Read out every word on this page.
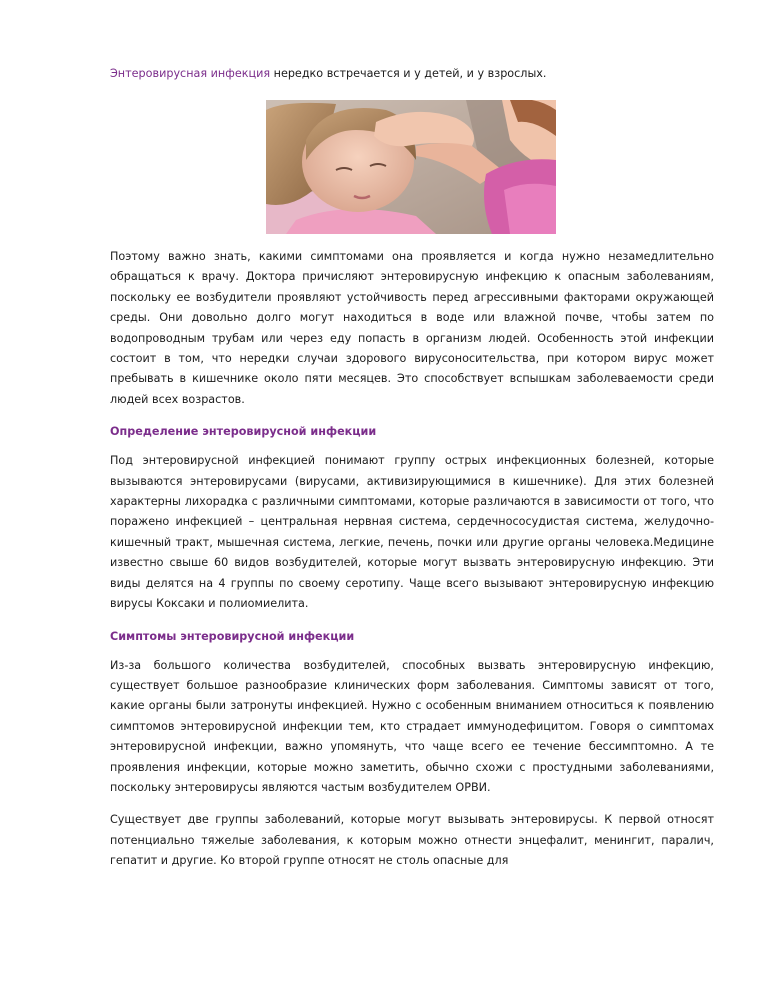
Энтеровирусная инфекция нередко встречается и у детей, и у взрослых.

Поэтому важно знать, какими симптомами она проявляется и когда нужно незамедлительно обращаться к врачу. Доктора причисляют энтеровирусную инфекцию к опасным заболеваниям, поскольку ее возбудители проявляют устойчивость перед агрессивными факторами окружающей среды. Они довольно долго могут находиться в воде или влажной почве, чтобы затем по водопроводным трубам или через еду попасть в организм людей. Особенность этой инфекции состоит в том, что нередки случаи здорового вирусоносительства, при котором вирус может пребывать в кишечнике около пяти месяцев. Это способствует вспышкам заболеваемости среди людей всех возрастов.

Определение энтеровирусной инфекции

Под энтеровирусной инфекцией понимают группу острых инфекционных болезней, которые вызываются энтеровирусами (вирусами, активизирующимися в кишечнике). Для этих болезней характерны лихорадка с различными симптомами, которые различаются в зависимости от того, что поражено инфекцией – центральная нервная система, сердечнососудистая система, желудочно-кишечный тракт, мышечная система, легкие, печень, почки или другие органы человека.Медицине известно свыше 60 видов возбудителей, которые могут вызвать энтеровирусную инфекцию. Эти виды делятся на 4 группы по своему серотипу. Чаще всего вызывают энтеровирусную инфекцию вирусы Коксаки и полиомиелита.

Симптомы энтеровирусной инфекции

Из-за большого количества возбудителей, способных вызвать энтеровирусную инфекцию, существует большое разнообразие клинических форм заболевания. Симптомы зависят от того, какие органы были затронуты инфекцией. Нужно с особенным вниманием относиться к появлению симптомов энтеровирусной инфекции тем, кто страдает иммунодефицитом. Говоря о симптомах энтеровирусной инфекции, важно упомянуть, что чаще всего ее течение бессимптомно. А те проявления инфекции, которые можно заметить, обычно схожи с простудными заболеваниями, поскольку энтеровирусы являются частым возбудителем ОРВИ.

Существует две группы заболеваний, которые могут вызывать энтеровирусы. К первой относят потенциально тяжелые заболевания, к которым можно отнести энцефалит, менингит, паралич, гепатит и другие. Ко второй группе относят не столь опасные для
